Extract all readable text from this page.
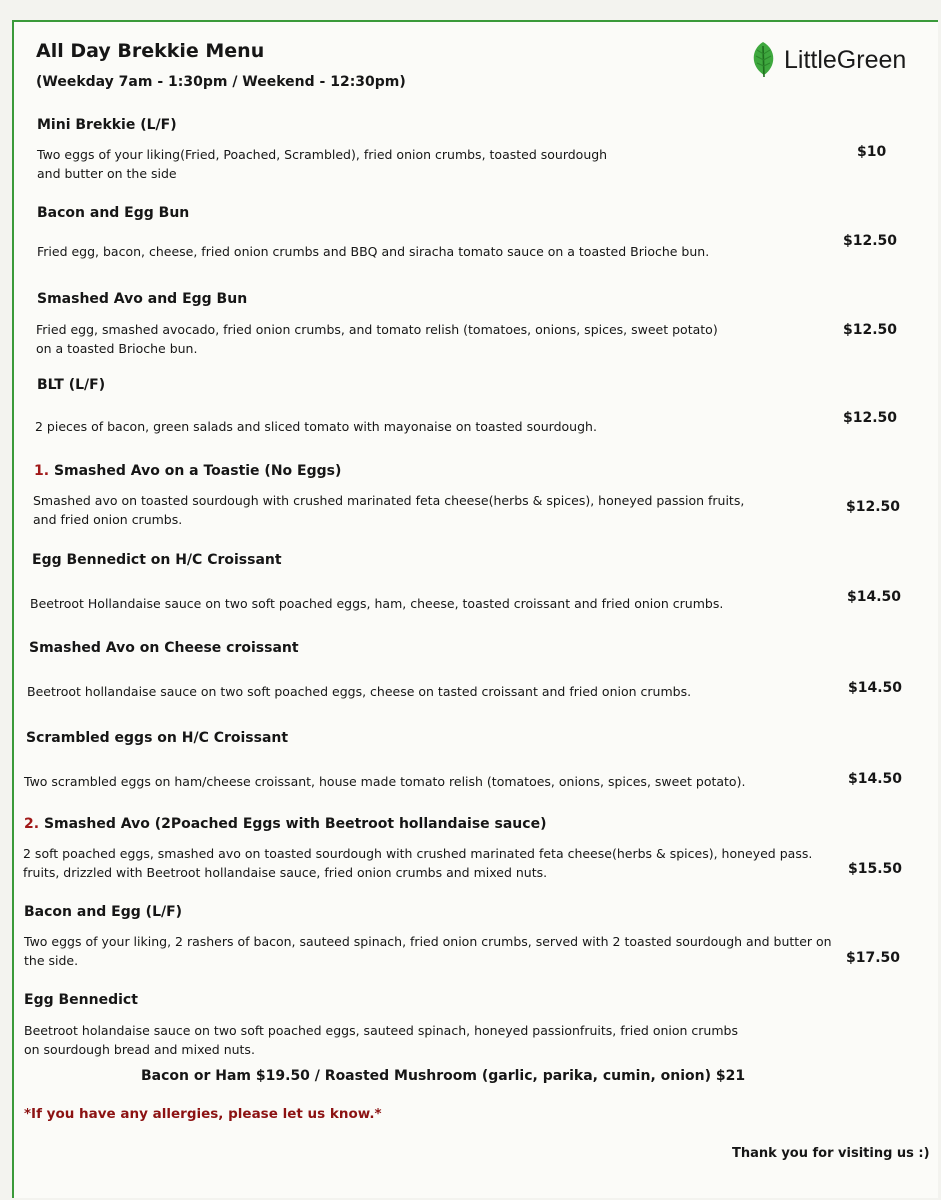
All Day Brekkie Menu
(Weekday 7am - 1:30pm / Weekend - 12:30pm)
LittleGreen
Mini Brekkie (L/F)
Two eggs of your liking(Fried, Poached, Scrambled), fried onion crumbs, toasted sourdough
and butter on the side
$10
Bacon and Egg Bun
Fried egg, bacon, cheese, fried onion crumbs and BBQ and siracha tomato sauce on a toasted Brioche bun.
$12.50
Smashed Avo and Egg Bun
Fried egg, smashed avocado, fried onion crumbs, and tomato relish (tomatoes, onions, spices, sweet potato)
on a toasted Brioche bun.
$12.50
BLT (L/F)
2 pieces of bacon, green salads and sliced tomato with mayonaise on toasted sourdough.
$12.50
1. Smashed Avo on a Toastie (No Eggs)
Smashed avo on toasted sourdough with crushed marinated feta cheese(herbs & spices), honeyed passion fruits,
and fried onion crumbs.
$12.50
Egg Bennedict on H/C Croissant
Beetroot Hollandaise sauce on two soft poached eggs, ham, cheese, toasted croissant and fried onion crumbs.	$14.50
Smashed Avo on Cheese croissant
Beetroot hollandaise sauce on two soft poached eggs, cheese on tasted croissant and fried onion crumbs.	$14.50
Scrambled eggs on H/C Croissant
Two scrambled eggs on ham/cheese croissant, house made tomato relish (tomatoes, onions, spices, sweet potato).	$14.50
2. Smashed Avo (2Poached Eggs with Beetroot hollandaise sauce)
2 soft poached eggs, smashed avo on toasted sourdough with crushed marinated feta cheese(herbs & spices), honeyed pass.
fruits, drizzled with Beetroot hollandaise sauce, fried onion crumbs and mixed nuts.	$15.50
Bacon and Egg (L/F)
Two eggs of your liking, 2 rashers of bacon, sauteed spinach, fried onion crumbs, served with 2 toasted sourdough and butter on
the side.	$17.50
Egg Bennedict
Beetroot holandaise sauce on two soft poached eggs, sauteed spinach, honeyed passionfruits, fried onion crumbs
on sourdough bread and mixed nuts.
Bacon or Ham $19.50 / Roasted Mushroom (garlic, parika, cumin, onion) $21
*If you have any allergies, please let us know.*
Thank you for visiting us :)
